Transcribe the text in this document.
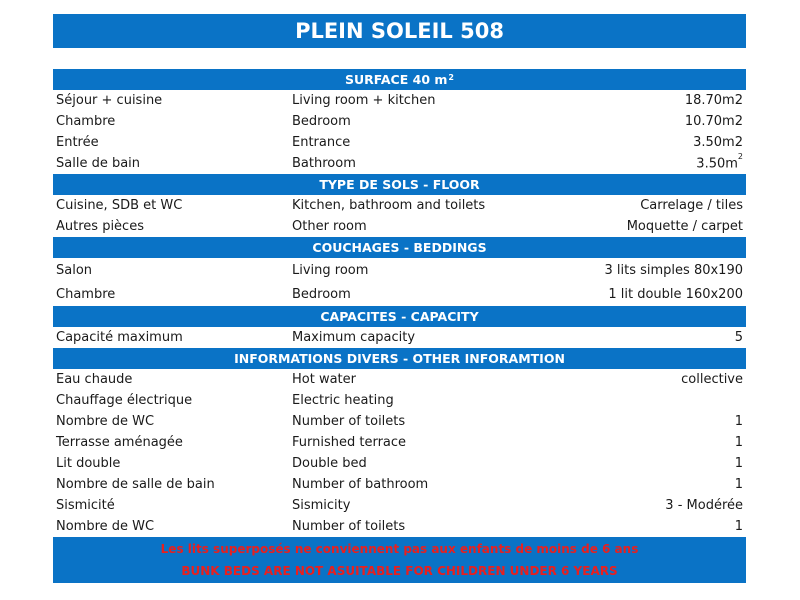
PLEIN SOLEIL 508
SURFACE 40 $m^2$
Séjour + cuisine	Living room + kitchen	18.70m2
Chambre	Bedroom	10.70m2
Entrée	Entrance	3.50m2
Salle de bain	Bathroom	$3.50m^2$
TYPE DE SOLS - FLOOR
Cuisine, SDB et WC	Kitchen, bathroom and toilets	Carrelage / tiles
Autres pièces	Other room	Moquette / carpet
COUCHAGES - BEDDINGS
Salon	Living room	3 lits simples 80x190
Chambre	Bedroom	1 lit double 160x200
CAPACITES - CAPACITY
Capacité maximum	Maximum capacity	5
INFORMATIONS DIVERS - OTHER INFORAMTION
Eau chaude	Hot water	collective
Chauffage électrique	Electric heating
Nombre de WC	Number of toilets	1
Terrasse aménagée	Furnished terrace	1
Lit double	Double bed	1
Nombre de salle de bain	Number of bathroom	1
Sismicité	Sismicity	3 - Modérée
Nombre de WC	Number of toilets	1
Les lits superposés ne conviennent pas aux enfants de moins de 6 ans
BUNK BEDS ARE NOT ASUITABLE FOR CHILDREN UNDER 6 YEARS
